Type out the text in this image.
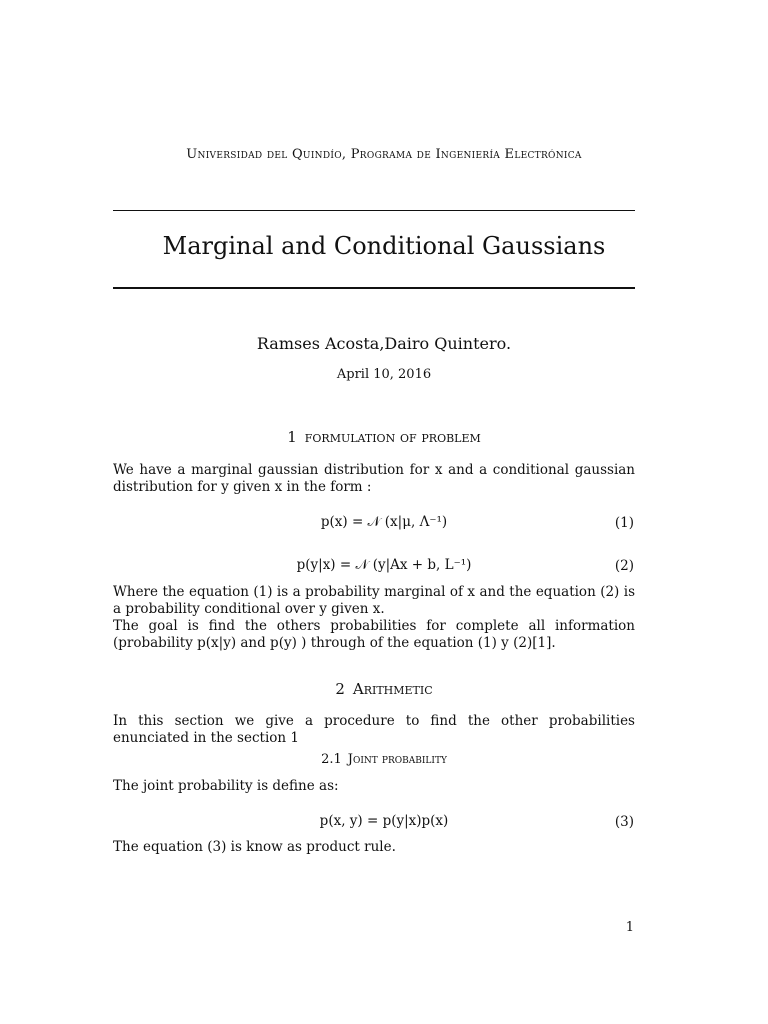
Universidad del Quindío, Programa de Ingeniería Electrónica
Marginal and Conditional Gaussians
Ramses Acosta,Dairo Quintero.
April 10, 2016
1 formulation of problem
We have a marginal gaussian distribution for x and a conditional gaussian distribution for y given x in the form :
p(x) = 𝒩 (x|μ, Λ⁻¹)	(1)
p(y|x) = 𝒩 (y|Ax + b, L⁻¹)	(2)

Where the equation (1) is a probability marginal of x and the equation (2) is a probability conditional over y given x.

The goal is find the others probabilities for complete all information (probability p(x|y) and p(y) ) through of the equation (1) y (2)[1].

2 Arithmetic
In this section we give a procedure to find the other probabilities enunciated in the section 1
2.1 Joint probability
The joint probability is define as:
p(x, y) = p(y|x)p(x)	(3)
The equation (3) is know as product rule.
1
